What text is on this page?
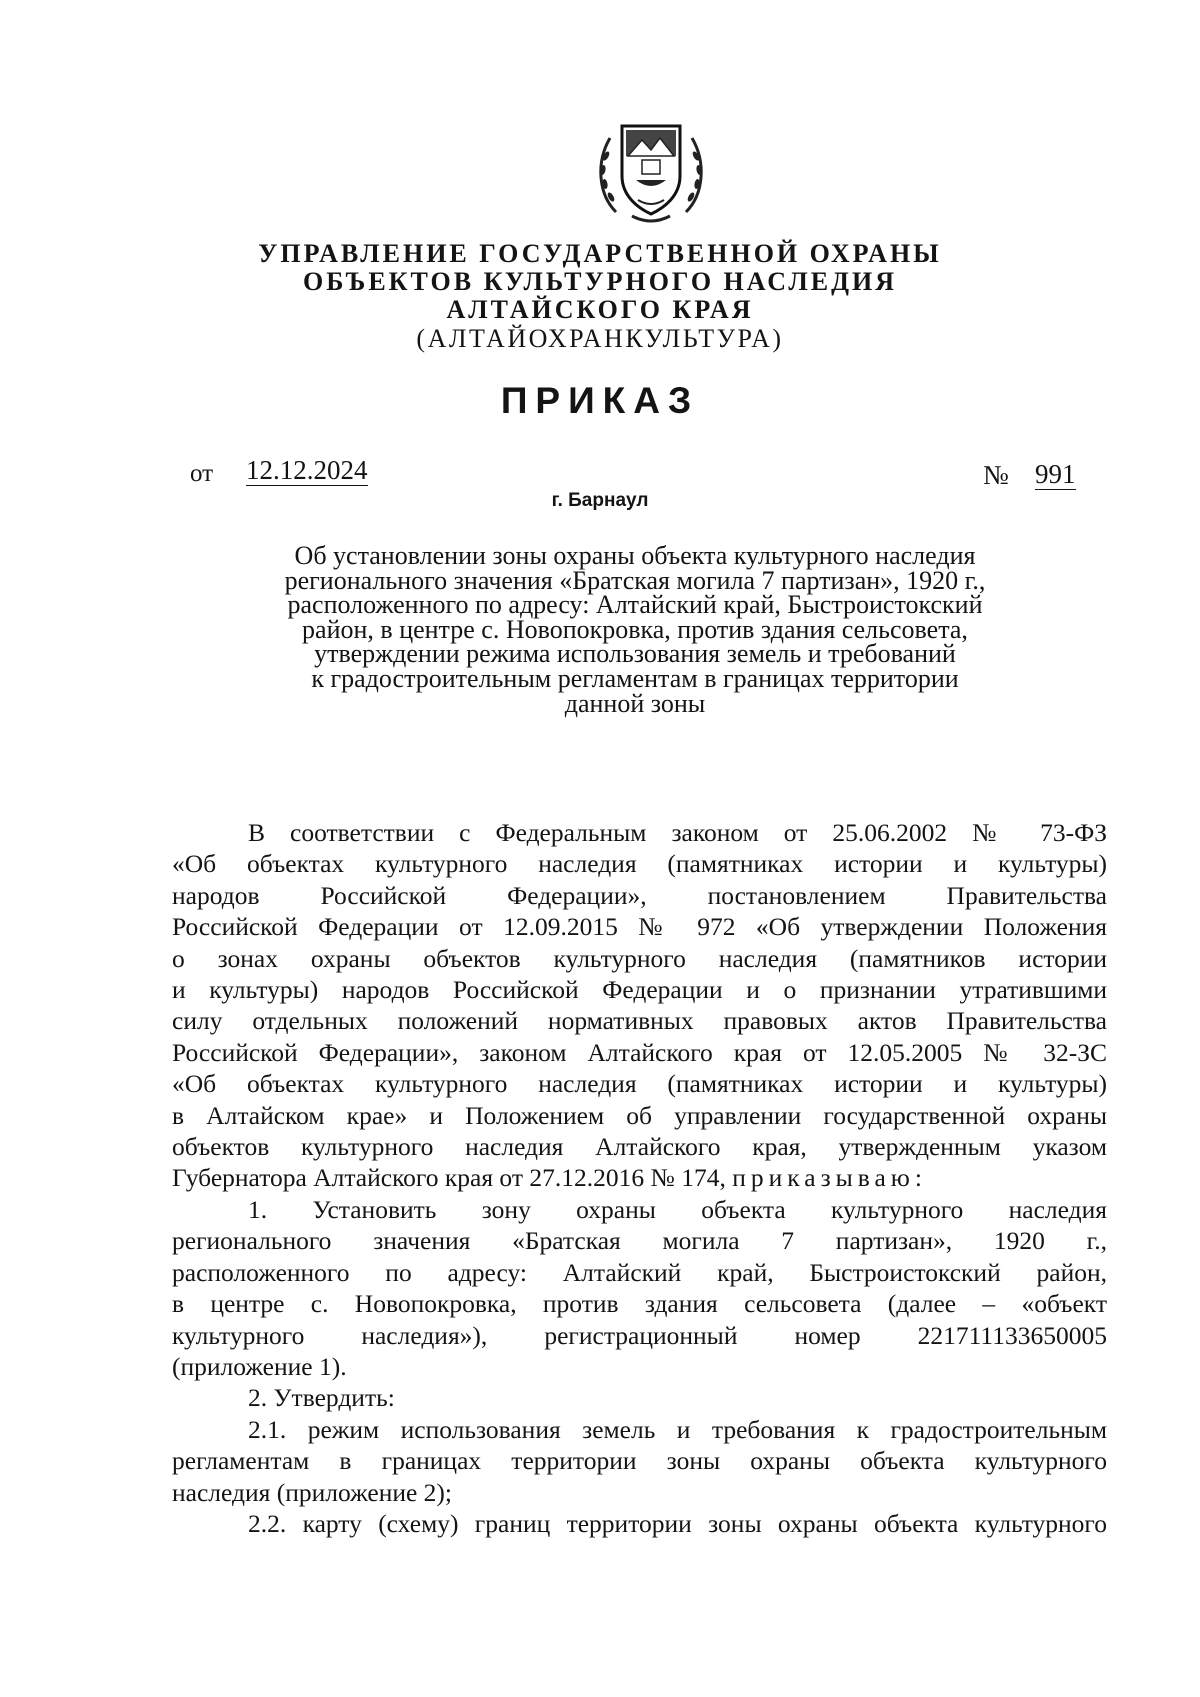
УПРАВЛЕНИЕ ГОСУДАРСТВЕННОЙ ОХРАНЫ
ОБЪЕКТОВ КУЛЬТУРНОГО НАСЛЕДИЯ
АЛТАЙСКОГО КРАЯ
(АЛТАЙОХРАНКУЛЬТУРА)
ПРИКАЗ
от 12.12.2024	№ 991
г. Барнаул
Об установлении зоны охраны объекта культурного наследия
регионального значения «Братская могила 7 партизан», 1920 г.,
расположенного по адресу: Алтайский край, Быстроистокский
район, в центре с. Новопокровка, против здания сельсовета,
утверждении режима использования земель и требований
к градостроительным регламентам в границах территории
данной зоны
В соответствии с Федеральным законом от 25.06.2002 № 73-ФЗ
«Об объектах культурного наследия (памятниках истории и культуры)
народов Российской Федерации», постановлением Правительства
Российской Федерации от 12.09.2015 № 972 «Об утверждении Положения
о зонах охраны объектов культурного наследия (памятников истории
и культуры) народов Российской Федерации и о признании утратившими
силу отдельных положений нормативных правовых актов Правительства
Российской Федерации», законом Алтайского края от 12.05.2005 № 32-ЗС
«Об объектах культурного наследия (памятниках истории и культуры)
в Алтайском крае» и Положением об управлении государственной охраны
объектов культурного наследия Алтайского края, утвержденным указом
Губернатора Алтайского края от 27.12.2016 № 174, приказываю:
1. Установить зону охраны объекта культурного наследия
регионального значения «Братская могила 7 партизан», 1920 г.,
расположенного по адресу: Алтайский край, Быстроистокский район,
в центре с. Новопокровка, против здания сельсовета (далее – «объект
культурного наследия»), регистрационный номер 221711133650005
(приложение 1).
2. Утвердить:
2.1. режим использования земель и требования к градостроительным
регламентам в границах территории зоны охраны объекта культурного
наследия (приложение 2);
2.2. карту (схему) границ территории зоны охраны объекта культурного
